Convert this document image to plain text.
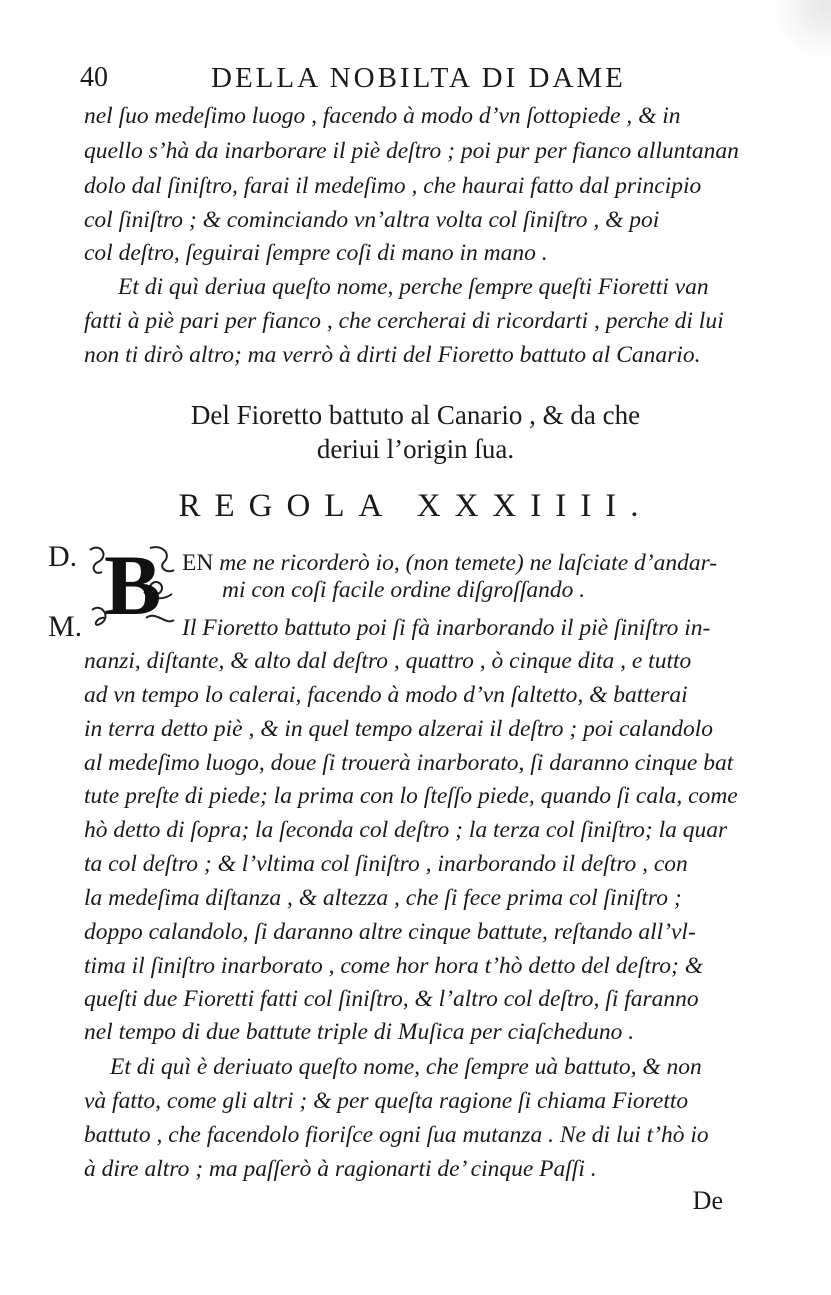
40	DELLA NOBILTA DI DAME
nel ſuo medeſimo luogo , facendo à modo d’vn ſottopiede , & in
quello s’hà da inarborare il piè deſtro ; poi pur per fianco alluntanan
dolo dal ſiniſtro, farai il medeſimo , che haurai fatto dal principio
col ſiniſtro ; & cominciando vn’altra volta col ſiniſtro , & poi
col deſtro, ſeguirai ſempre coſi di mano in mano .
Et di quì deriua queſto nome, perche ſempre queſti Fioretti van
fatti à piè pari per fianco , che cercherai di ricordarti , perche di lui
non ti dirò altro; ma verrò à dirti del Fioretto battuto al Canario.
Del Fioretto battuto al Canario , & da che
deriui l’origin ſua.
REGOLA XXXIIII.
D.
M. B EN me ne ricorderò io, (non temete) ne laſciate d’andar-
mi con coſi facile ordine diſgroſſando .
Il Fioretto battuto poi ſi fà inarborando il piè ſiniſtro in-
nanzi, diſtante, & alto dal deſtro , quattro , ò cinque dita , e tutto
ad vn tempo lo calerai, facendo à modo d’vn ſaltetto, & batterai
in terra detto piè , & in quel tempo alzerai il deſtro ; poi calandolo
al medeſimo luogo, doue ſi trouerà inarborato, ſi daranno cinque bat
tute preſte di piede; la prima con lo ſteſſo piede, quando ſi cala, come
hò detto di ſopra; la ſeconda col deſtro ; la terza col ſiniſtro; la quar
ta col deſtro ; & l’vltima col ſiniſtro , inarborando il deſtro , con
la medeſima diſtanza , & altezza , che ſi fece prima col ſiniſtro ;
doppo calandolo, ſi daranno altre cinque battute, reſtando all’vl-
tima il ſiniſtro inarborato , come hor hora t’hò detto del deſtro; &
queſti due Fioretti fatti col ſiniſtro, & l’altro col deſtro, ſi faranno
nel tempo di due battute triple di Muſica per ciaſcheduno .
Et di quì è deriuato queſto nome, che ſempre uà battuto, & non
và fatto, come gli altri ; & per queſta ragione ſi chiama Fioretto
battuto , che facendolo fioriſce ogni ſua mutanza . Ne di lui t’hò io
à dire altro ; ma paſſerò à ragionarti de’ cinque Paſſi .
De
